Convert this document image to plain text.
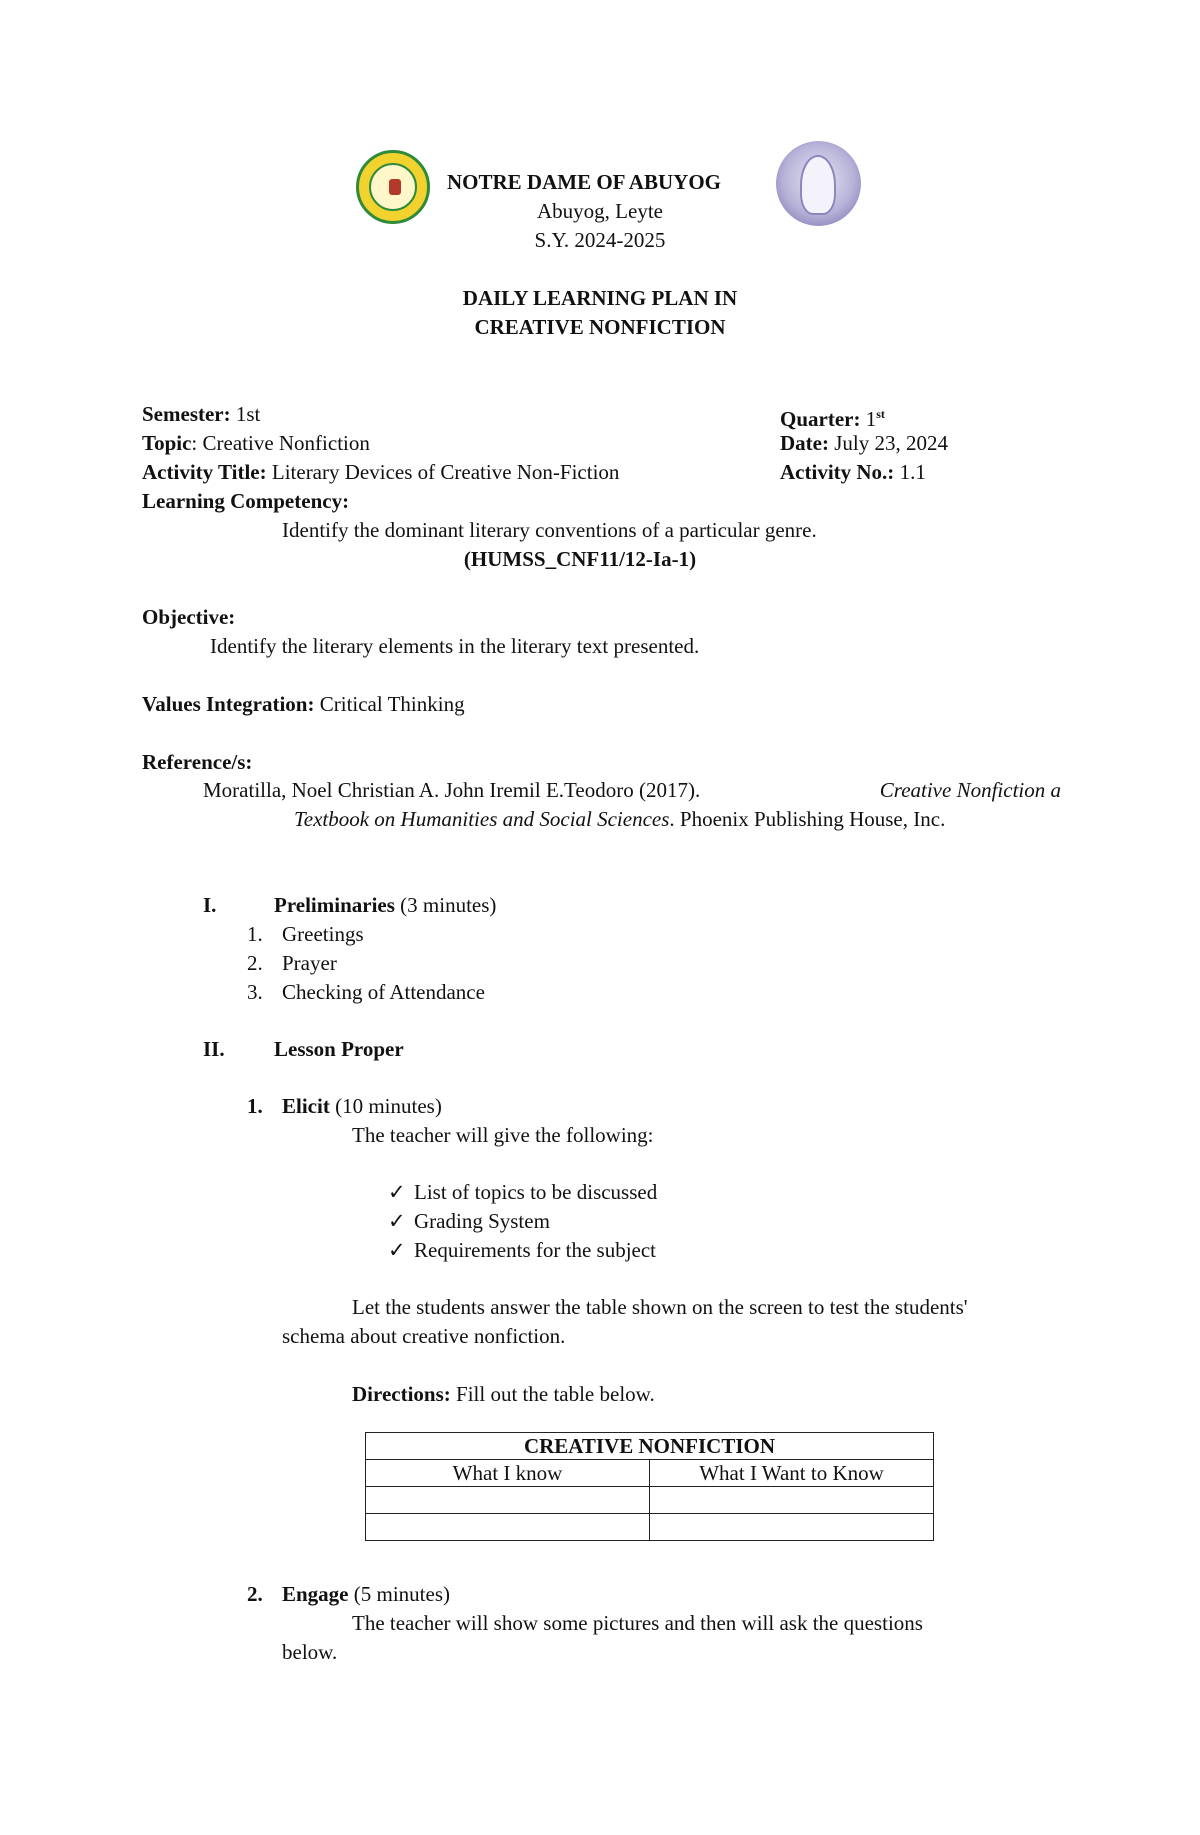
NOTRE DAME OF ABUYOG
Abuyog, Leyte
S.Y. 2024-2025
DAILY LEARNING PLAN IN
CREATIVE NONFICTION
Semester: 1st	Quarter: 1st
Topic: Creative Nonfiction	Date: July 23, 2024
Activity Title: Literary Devices of Creative Non-Fiction	Activity No.: 1.1
Learning Competency:
Identify the dominant literary conventions of a particular genre.
(HUMSS_CNF11/12-Ia-1)
Objective:
Identify the literary elements in the literary text presented.
Values Integration: Critical Thinking
Reference/s:
Moratilla, Noel Christian A. John Iremil E.Teodoro (2017).	Creative Nonfiction a
Textbook on Humanities and Social Sciences. Phoenix Publishing House, Inc.
I.	Preliminaries (3 minutes)
1. Greetings
2. Prayer
3. Checking of Attendance
II. Lesson Proper
1. Elicit (10 minutes)
The teacher will give the following:
✓ List of topics to be discussed
✓ Grading System
✓ Requirements for the subject
Let the students answer the table shown on the screen to test the students'
schema about creative nonfiction.
Directions: Fill out the table below.
CREATIVE NONFICTION	
What I know	What I Want to Know

2. Engage (5 minutes)
The teacher will show some pictures and then will ask the questions
below.
